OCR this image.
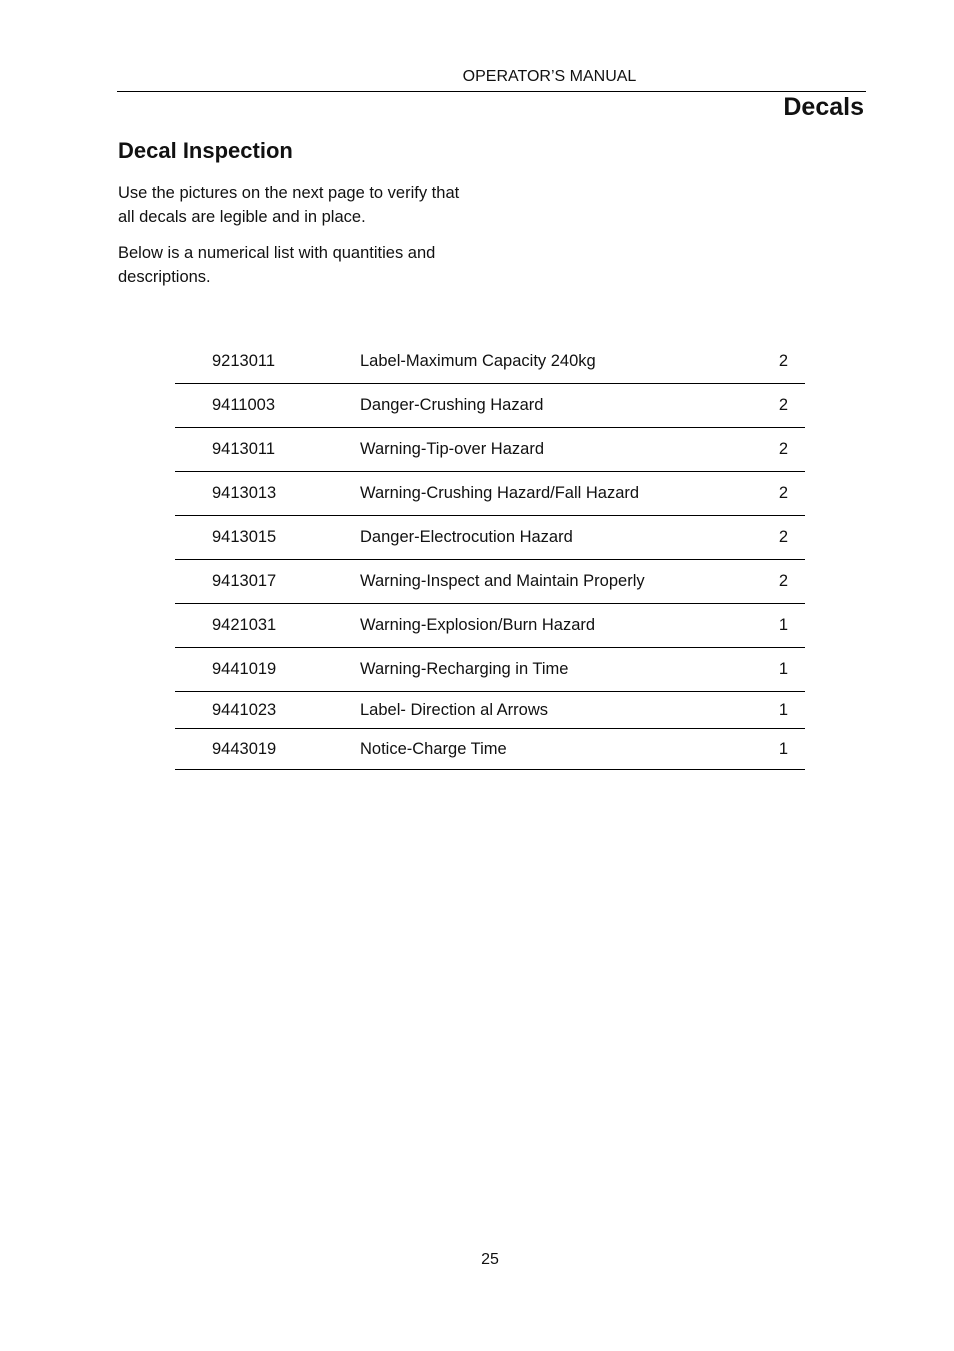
OPERATOR’S MANUAL
Decals
Decal Inspection
Use the pictures on the next page to verify that all decals are legible and in place.
Below is a numerical list with quantities and descriptions.
9213011	Label-Maximum Capacity 240kg	2
9411003	Danger-Crushing Hazard	2
9413011	Warning-Tip-over Hazard	2
9413013	Warning-Crushing Hazard/Fall Hazard	2
9413015	Danger-Electrocution Hazard	2
9413017	Warning-Inspect and Maintain Properly	2
9421031	Warning-Explosion/Burn Hazard	1
9441019	Warning-Recharging in Time	1
9441023	Label- Direction al Arrows	1
9443019	Notice-Charge Time	1
25
